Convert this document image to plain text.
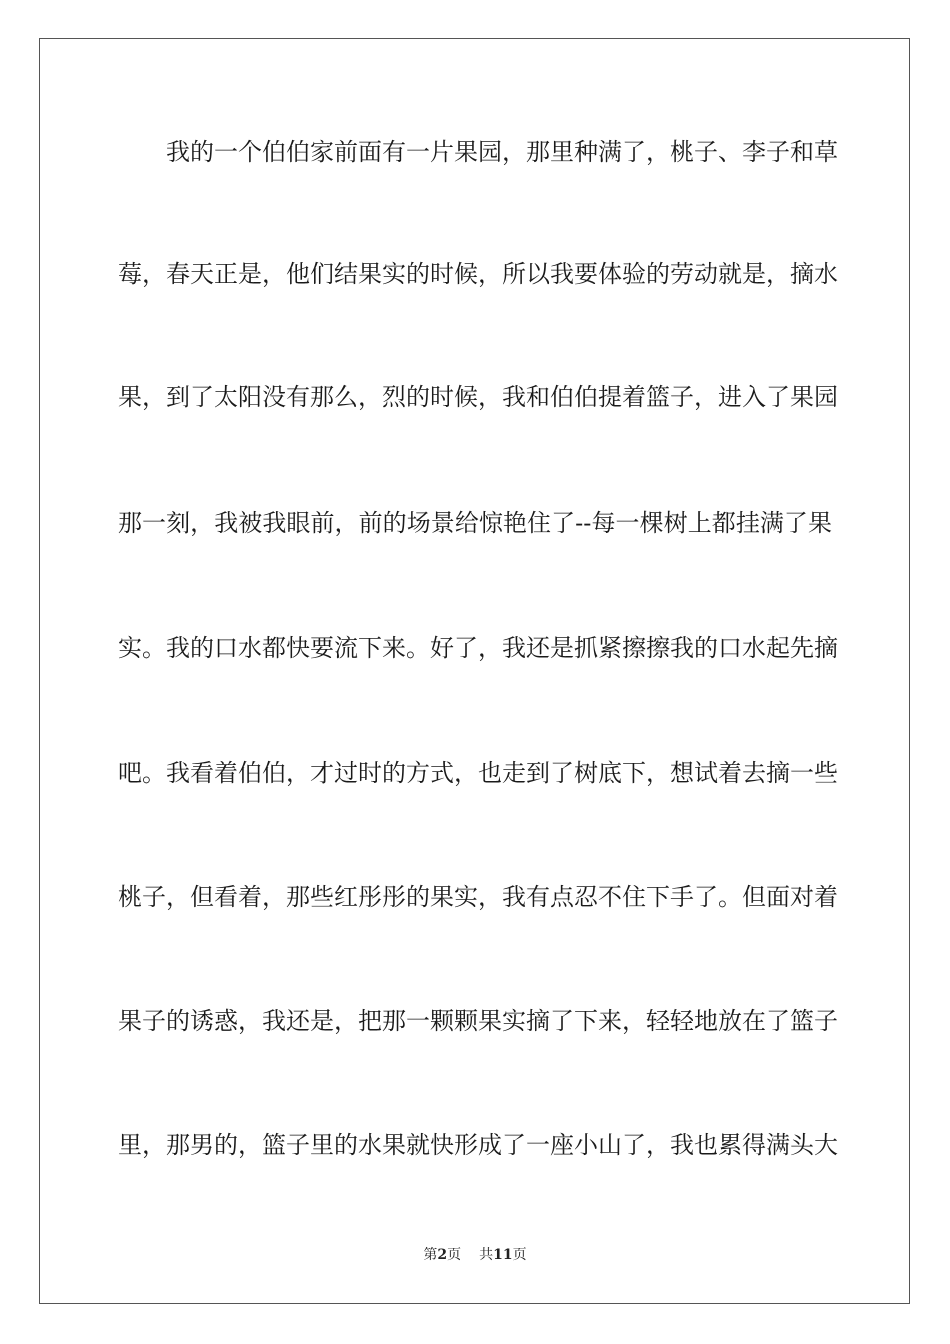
我的一个伯伯家前面有一片果园，那里种满了，桃子、李子和草
莓，春天正是，他们结果实的时候，所以我要体验的劳动就是，摘水
果，到了太阳没有那么，烈的时候，我和伯伯提着篮子，进入了果园
那一刻，我被我眼前，前的场景给惊艳住了--每一棵树上都挂满了果
实。我的口水都快要流下来。好了，我还是抓紧擦擦我的口水起先摘
吧。我看着伯伯，才过时的方式，也走到了树底下，想试着去摘一些
桃子，但看着，那些红彤彤的果实，我有点忍不住下手了。但面对着
果子的诱惑，我还是，把那一颗颗果实摘了下来，轻轻地放在了篮子
里，那男的，篮子里的水果就快形成了一座小山了，我也累得满头大
第2页 共11页
